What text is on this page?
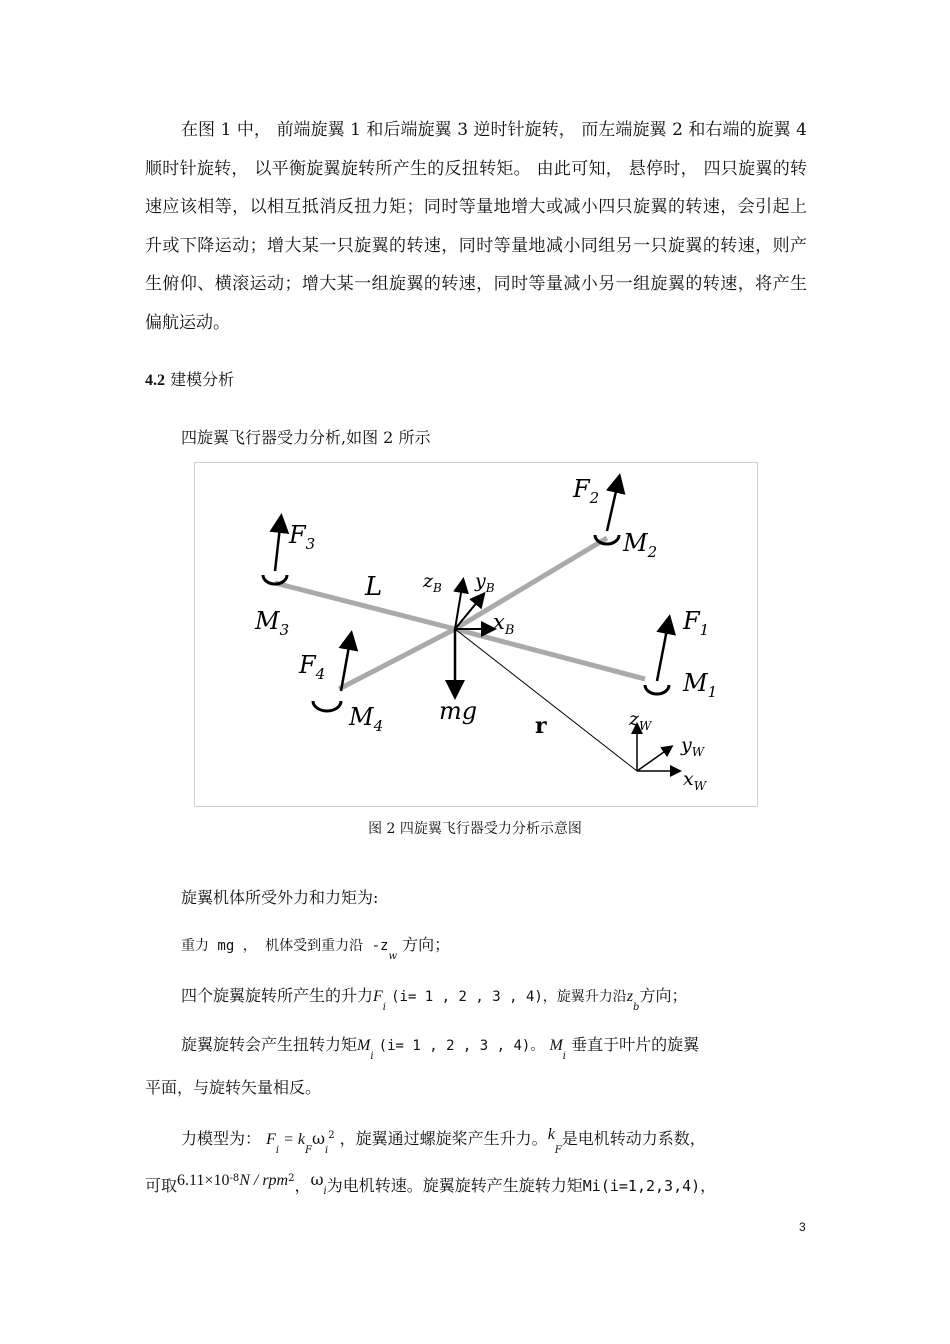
在图 1 中， 前端旋翼 1 和后端旋翼 3 逆时针旋转， 而左端旋翼 2 和右端的旋翼 4 顺时针旋转， 以平衡旋翼旋转所产生的反扭转矩。 由此可知， 悬停时， 四只旋翼的转速应该相等，以相互抵消反扭力矩；同时等量地增大或减小四只旋翼的转速，会引起上升或下降运动；增大某一只旋翼的转速，同时等量地减小同组另一只旋翼的转速，则产生俯仰、横滚运动；增大某一组旋翼的转速，同时等量减小另一组旋翼的转速，将产生偏航运动。
4.2 建模分析
四旋翼飞行器受力分析,如图 2 所示
$F_3$
$M_3$
$F_2$
$M_2$
$F_4$
$M_4$
$F_1$
$M_1$
L $z_B$ $y_B$
$x_B$
mg
r	$z_W$
$y_W$
$x_W$
图 2 四旋翼飞行器受力分析示意图
旋翼机体所受外力和力矩为:
重力 mg ， 机体受到重力沿 $-z_w$ 方向；
四个旋翼旋转所产生的升力$F_i$ (i= 1 , 2 , 3 , 4)，旋翼升力沿$z_b$方向；
旋翼旋转会产生扭转力矩$M_i$ (i= 1 , 2 , 3 , 4)。 $M_i$ 垂直于叶片的旋翼
平面，与旋转矢量相反。
力模型为： $F_i = k_F\omega_i^2$ ，旋翼通过螺旋桨产生升力。$k_F$是电机转动力系数，
可取$6.11\times 10^{-8}N / rpm^2$，ωi为电机转速。旋翼旋转产生旋转力矩Mi(i=1,2,3,4)，
3
